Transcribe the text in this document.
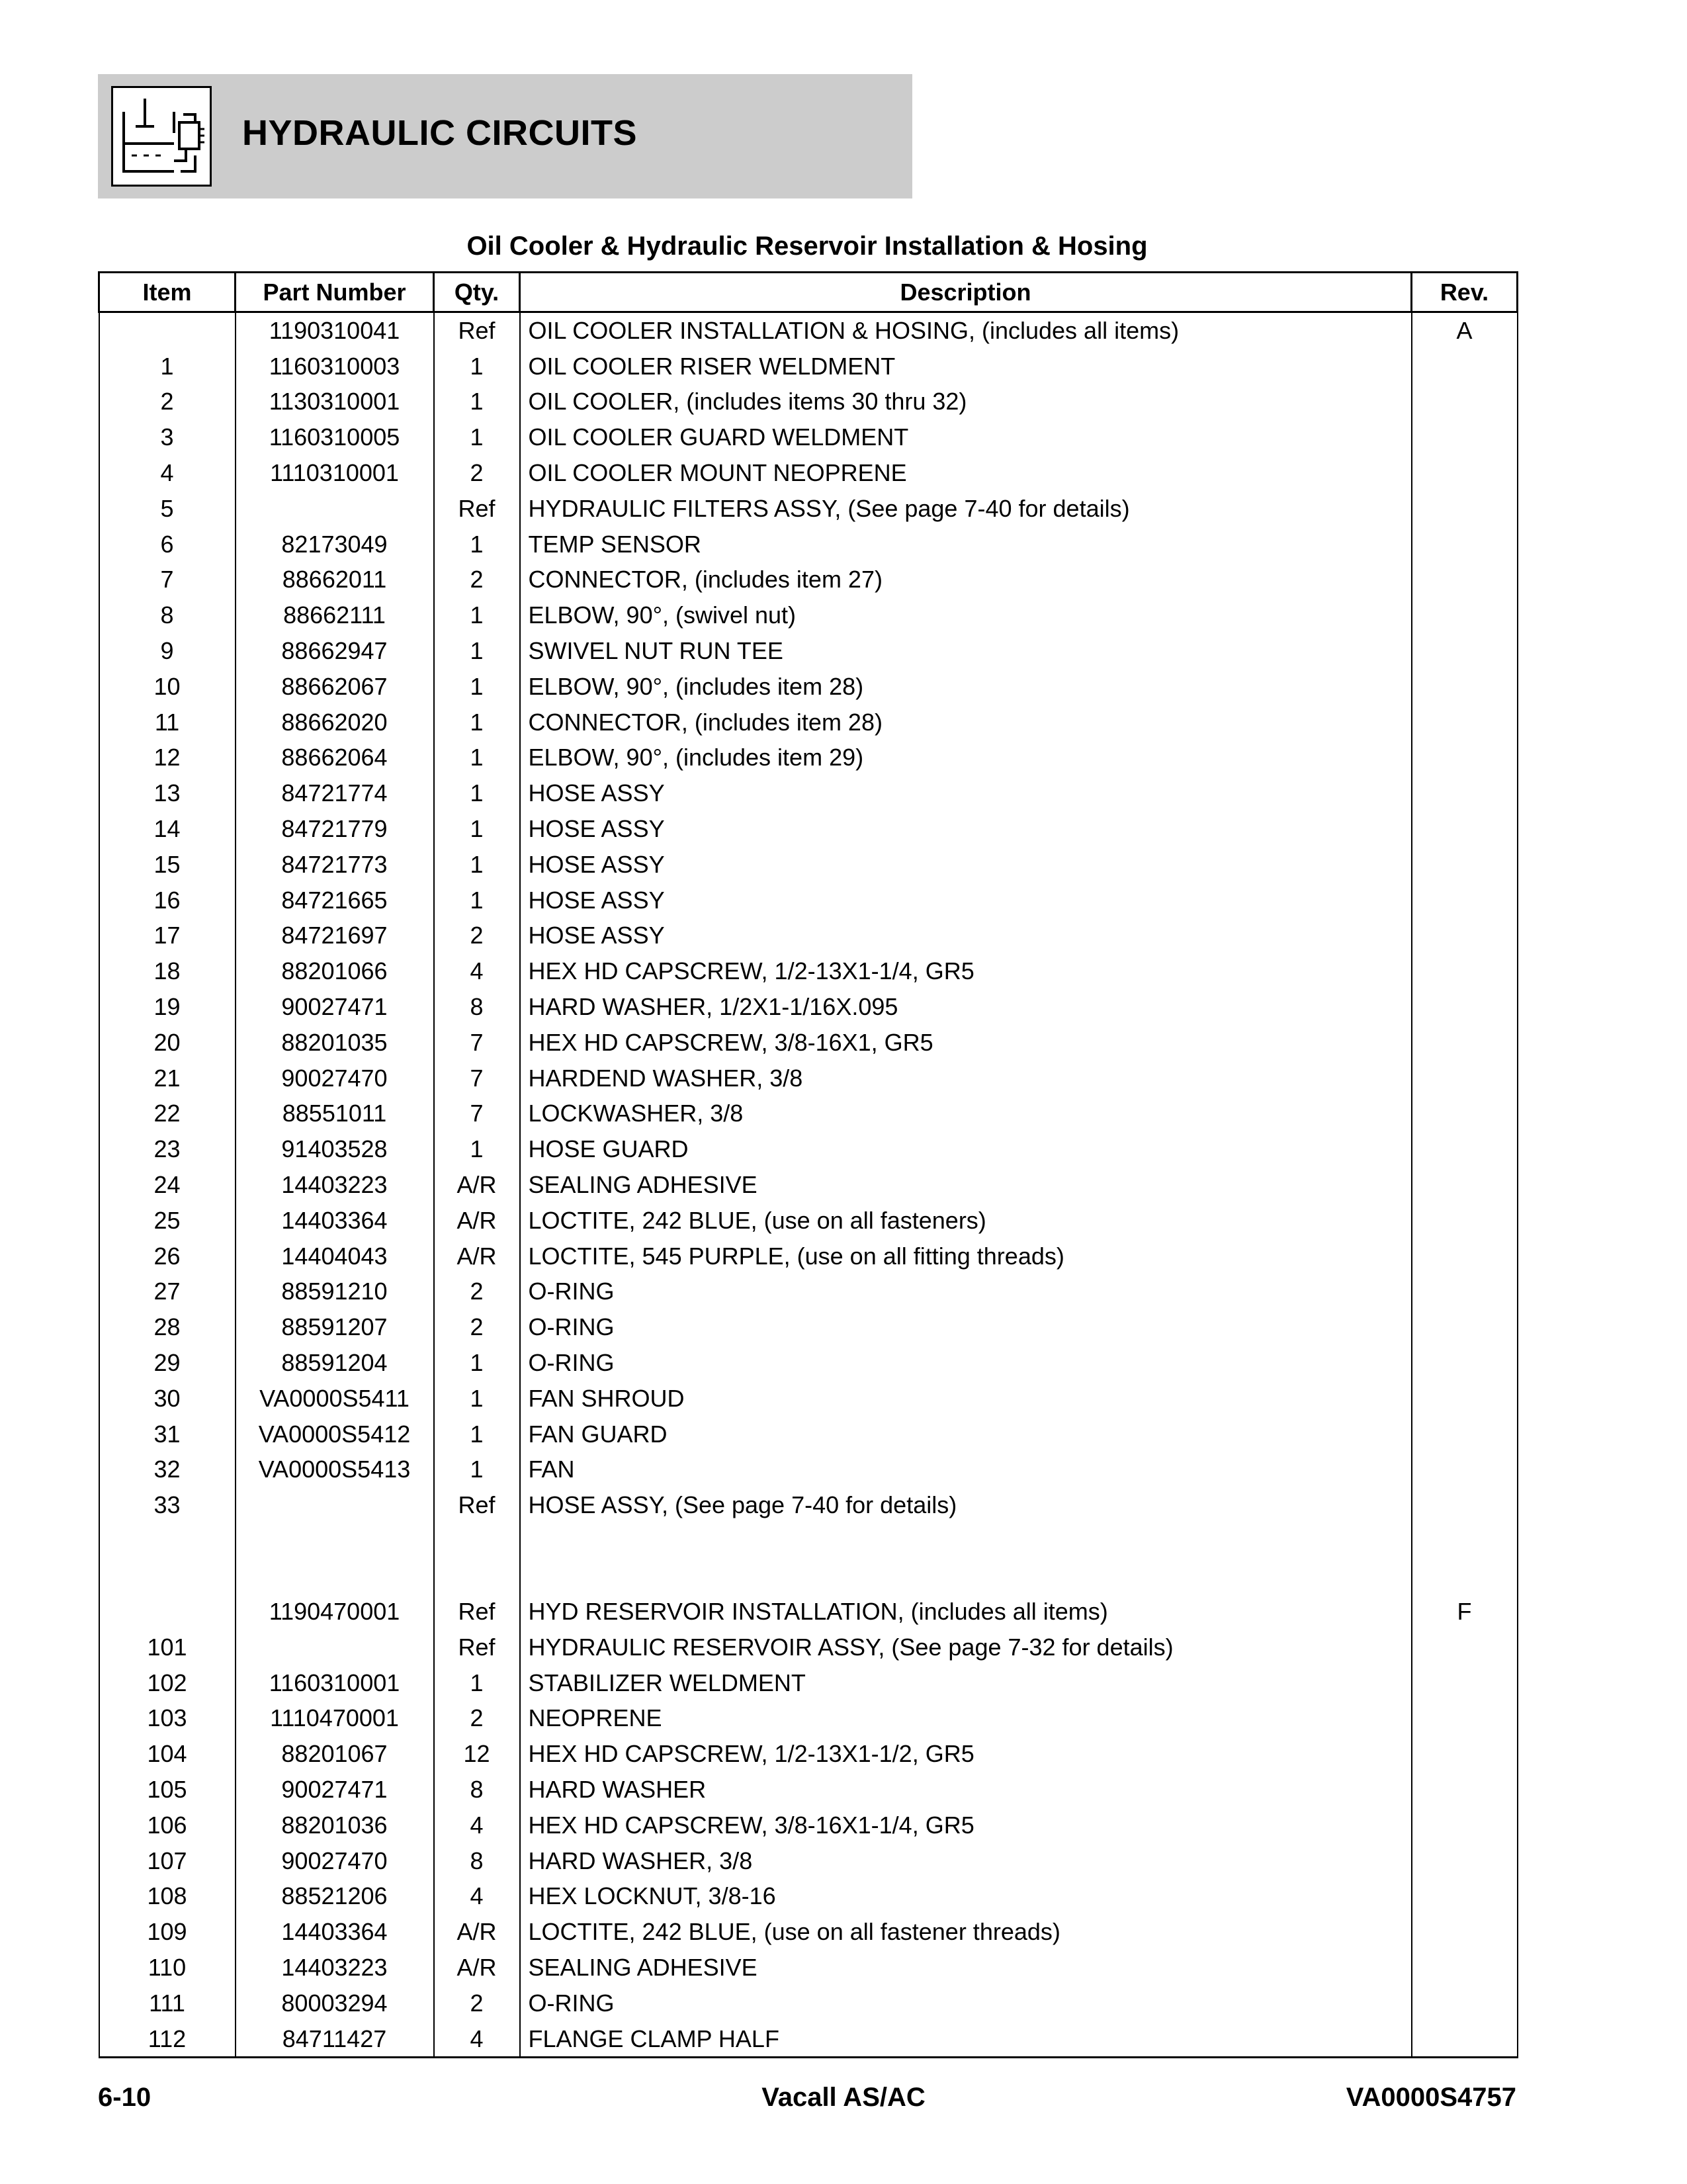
HYDRAULIC CIRCUITS
Oil Cooler & Hydraulic Reservoir Installation & Hosing
Item	Part Number	Qty.	Description	Rev.
	1190310041	Ref	OIL COOLER INSTALLATION & HOSING, (includes all items)	A
1	1160310003	1	OIL COOLER RISER WELDMENT	
2	1130310001	1	OIL COOLER, (includes items 30 thru 32)	
3	1160310005	1	OIL COOLER GUARD WELDMENT	
4	1110310001	2	OIL COOLER MOUNT NEOPRENE	
5		Ref	HYDRAULIC FILTERS ASSY, (See page 7-40 for details)	
6	82173049	1	TEMP SENSOR	
7	88662011	2	CONNECTOR, (includes item 27)	
8	88662111	1	ELBOW, 90°, (swivel nut)	
9	88662947	1	SWIVEL NUT RUN TEE	
10	88662067	1	ELBOW, 90°, (includes item 28)	
11	88662020	1	CONNECTOR, (includes item 28)	
12	88662064	1	ELBOW, 90°, (includes item 29)	
13	84721774	1	HOSE ASSY	
14	84721779	1	HOSE ASSY	
15	84721773	1	HOSE ASSY	
16	84721665	1	HOSE ASSY	
17	84721697	2	HOSE ASSY	
18	88201066	4	HEX HD CAPSCREW, 1/2-13X1-1/4, GR5	
19	90027471	8	HARD WASHER, 1/2X1-1/16X.095	
20	88201035	7	HEX HD CAPSCREW, 3/8-16X1, GR5	
21	90027470	7	HARDEND WASHER, 3/8	
22	88551011	7	LOCKWASHER, 3/8	
23	91403528	1	HOSE GUARD	
24	14403223	A/R	SEALING ADHESIVE	
25	14403364	A/R	LOCTITE, 242 BLUE, (use on all fasteners)	
26	14404043	A/R	LOCTITE, 545 PURPLE, (use on all fitting threads)	
27	88591210	2	O-RING	
28	88591207	2	O-RING	
29	88591204	1	O-RING	
30	VA0000S5411	1	FAN SHROUD	
31	VA0000S5412	1	FAN GUARD	
32	VA0000S5413	1	FAN	
33		Ref	HOSE ASSY, (See page 7-40 for details)	

	1190470001	Ref	HYD RESERVOIR INSTALLATION, (includes all items)	F
101		Ref	HYDRAULIC RESERVOIR ASSY, (See page 7-32 for details)	
102	1160310001	1	STABILIZER WELDMENT	
103	1110470001	2	NEOPRENE	
104	88201067	12	HEX HD CAPSCREW, 1/2-13X1-1/2, GR5	
105	90027471	8	HARD WASHER	
106	88201036	4	HEX HD CAPSCREW, 3/8-16X1-1/4, GR5	
107	90027470	8	HARD WASHER, 3/8	
108	88521206	4	HEX LOCKNUT, 3/8-16	
109	14403364	A/R	LOCTITE, 242 BLUE, (use on all fastener threads)	
110	14403223	A/R	SEALING ADHESIVE	
111	80003294	2	O-RING	
112	84711427	4	FLANGE CLAMP HALF	
6-10	Vacall AS/AC	VA0000S4757
